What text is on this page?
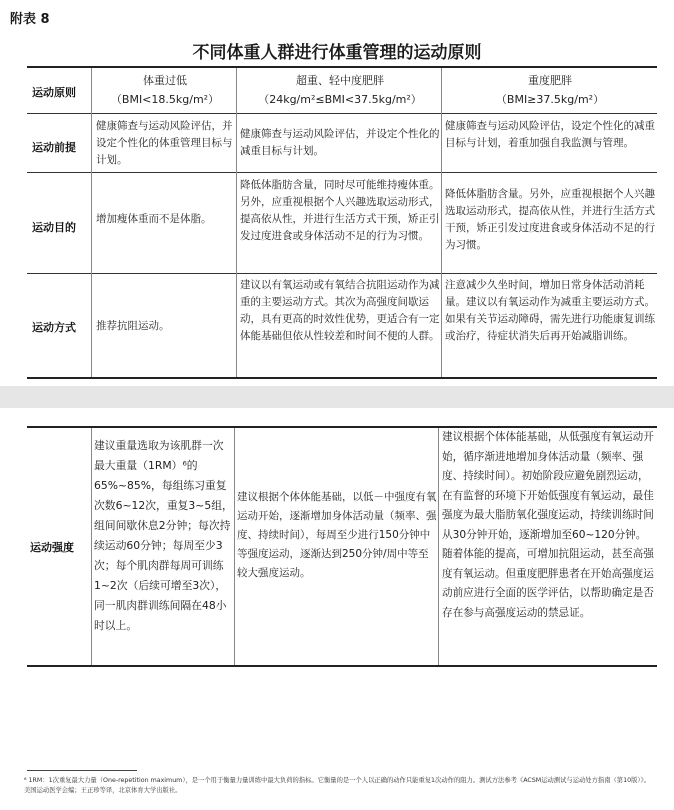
附表 8
不同体重人群进行体重管理的运动原则
运动原则
体重过低
（BMI<18.5kg/m²）
超重、轻中度肥胖
（24kg/m²≤BMI<37.5kg/m²）
重度肥胖
（BMI≥37.5kg/m²）
运动前提
健康筛查与运动风险评估，并设定个性化的体重管理目标与计划。
健康筛查与运动风险评估，并设定个性化的减重目标与计划。
健康筛查与运动风险评估，设定个性化的减重目标与计划，着重加强自我监测与管理。
运动目的
增加瘦体重而不是体脂。
降低体脂肪含量，同时尽可能维持瘦体重。另外，应重视根据个人兴趣选取运动形式，提高依从性，并进行生活方式干预，矫正引发过度进食或身体活动不足的行为习惯。
降低体脂肪含量。另外，应重视根据个人兴趣选取运动形式，提高依从性，并进行生活方式干预，矫正引发过度进食或身体活动不足的行为习惯。
运动方式 推荐抗阻运动。
建议以有氧运动或有氧结合抗阻运动作为减重的主要运动方式。其次为高强度间歇运动，具有更高的时效性优势，更适合有一定体能基础但依从性较差和时间不便的人群。
注意减少久坐时间，增加日常身体活动消耗量。建议以有氧运动作为减重主要运动方式。如果有关节运动障碍，需先进行功能康复训练或治疗，待症状消失后再开始减脂训练。
运动强度
建议重量选取为该肌群一次最大重量（1RM）⁶的65%~85%，每组练习重复次数6~12次，重复3~5组，组间间歇休息2分钟；每次持续运动60分钟；每周至少3次；每个肌肉群每周可训练1~2次（后续可增至3次），同一肌肉群训练间隔在48小时以上。
建议根据个体体能基础，以低－中强度有氧运动开始，逐渐增加身体活动量（频率、强度、持续时间），每周至少进行150分钟中等强度运动，逐渐达到250分钟/周中等至较大强度运动。
建议根据个体体能基础，从低强度有氧运动开始，循序渐进地增加身体活动量（频率、强度、持续时间）。初始阶段应避免剧烈运动，在有监督的环境下开始低强度有氧运动，最佳强度为最大脂肪氧化强度运动，持续训练时间从30分钟开始，逐渐增加至60~120分钟。随着体能的提高，可增加抗阻运动，甚至高强度有氧运动。但重度肥胖患者在开始高强度运动前应进行全面的医学评估，以帮助确定是否存在参与高强度运动的禁忌证。
⁶ 1RM：1次重复最大力量（One-repetition maximum），是一个用于衡量力量训练中最大负荷的指标。它衡量的是一个人以正确的动作只能重复1次动作的阻力。测试方法参考《ACSM运动测试与运动处方指南（第10版）》。美国运动医学会编；王正珍等译，北京体育大学出版社。
